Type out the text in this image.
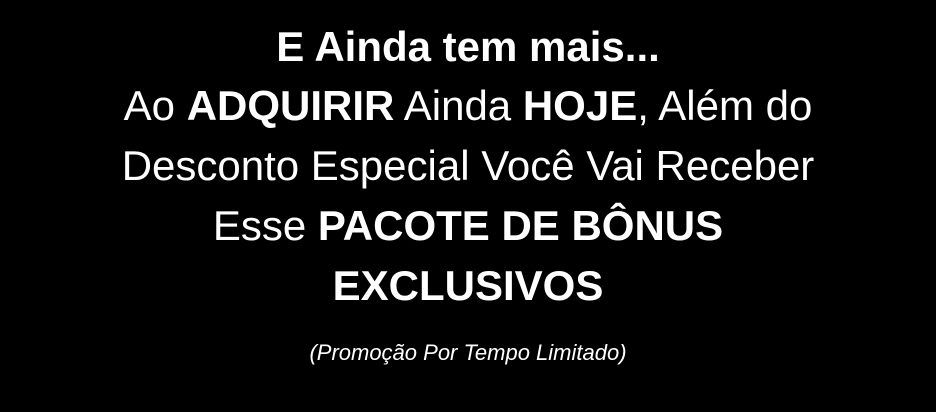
E Ainda tem mais...
Ao ADQUIRIR Ainda HOJE, Além do
Desconto Especial Você Vai Receber
Esse PACOTE DE BÔNUS
EXCLUSIVOS
(Promoção Por Tempo Limitado)
